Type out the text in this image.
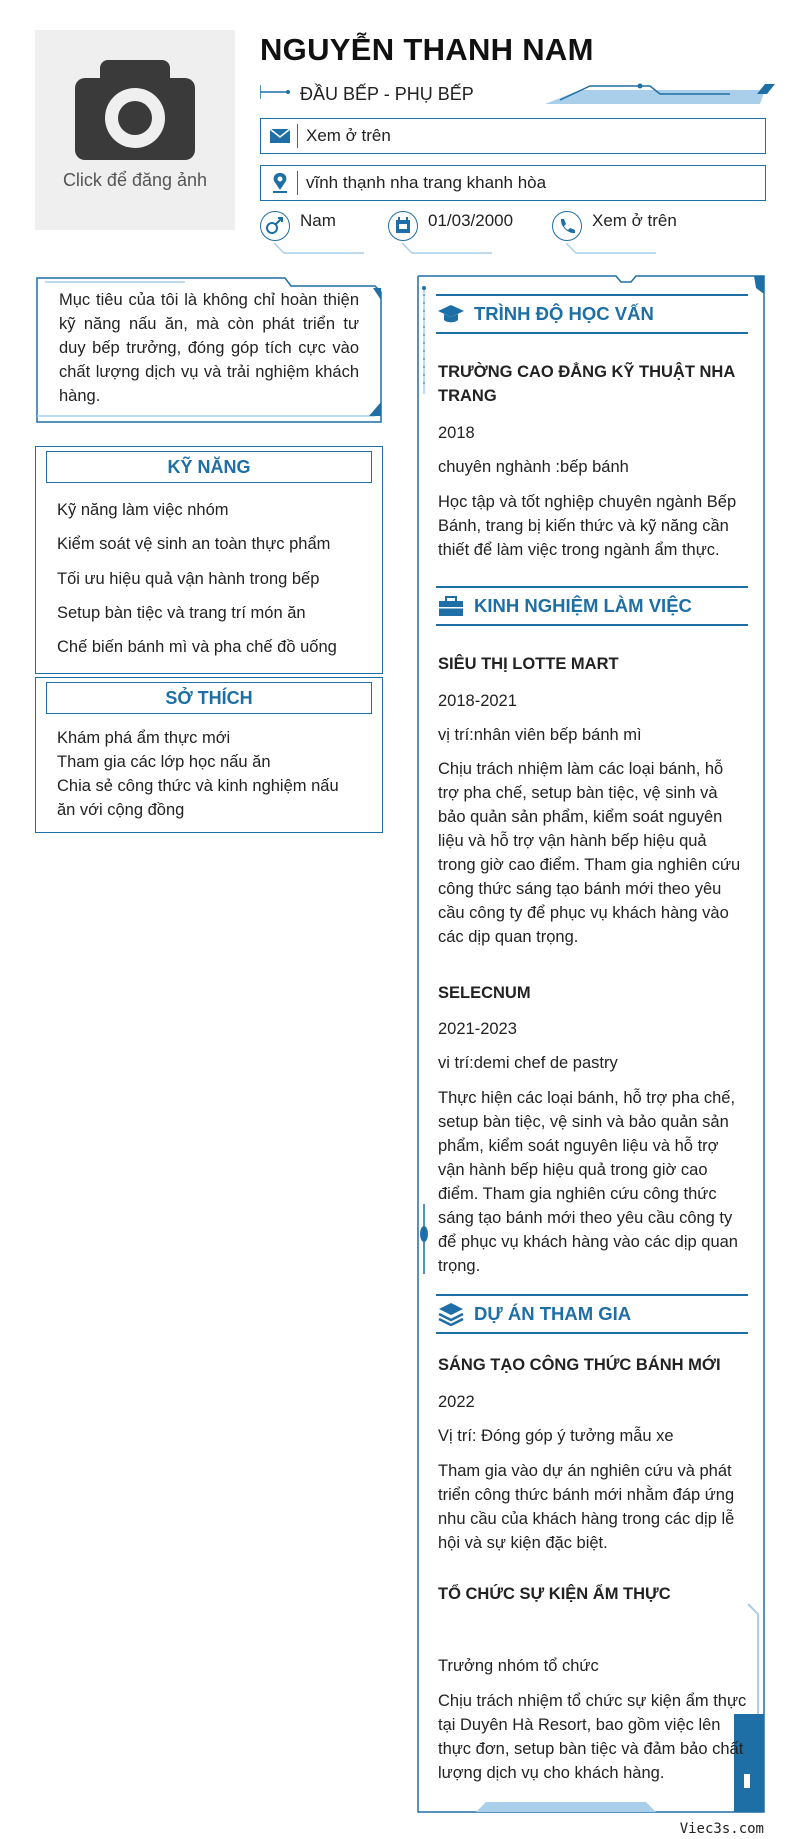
Click để đăng ảnh
NGUYỄN THANH NAM
ĐẦU BẾP - PHỤ BẾP
Xem ở trên
vĩnh thạnh nha trang khanh hòa
Nam	01/03/2000	Xem ở trên
Mục tiêu của tôi là không chỉ hoàn thiện kỹ năng nấu ăn, mà còn phát triển tư duy bếp trưởng, đóng góp tích cực vào chất lượng dịch vụ và trải nghiệm khách hàng.
KỸ NĂNG
Kỹ năng làm việc nhóm
Kiểm soát vệ sinh an toàn thực phẩm
Tối ưu hiệu quả vận hành trong bếp
Setup bàn tiệc và trang trí món ăn
Chế biến bánh mì và pha chế đồ uống
SỞ THÍCH
Khám phá ẩm thực mới
Tham gia các lớp học nấu ăn
Chia sẻ công thức và kinh nghiệm nấu
ăn với cộng đồng
TRÌNH ĐỘ HỌC VẤN
TRƯỜNG CAO ĐẲNG KỸ THUẬT NHA
TRANG
2018
chuyên nghành :bếp bánh
Học tập và tốt nghiệp chuyên ngành Bếp Bánh, trang bị kiến thức và kỹ năng cần thiết để làm việc trong ngành ẩm thực.
KINH NGHIỆM LÀM VIỆC
SIÊU THỊ LOTTE MART
2018-2021
vị trí:nhân viên bếp bánh mì
Chịu trách nhiệm làm các loại bánh, hỗ trợ pha chế, setup bàn tiệc, vệ sinh và bảo quản sản phẩm, kiểm soát nguyên liệu và hỗ trợ vận hành bếp hiệu quả trong giờ cao điểm. Tham gia nghiên cứu công thức sáng tạo bánh mới theo yêu cầu công ty để phục vụ khách hàng vào các dịp quan trọng.
SELECNUM
2021-2023
vi trí:demi chef de pastry
Thực hiện các loại bánh, hỗ trợ pha chế, setup bàn tiệc, vệ sinh và bảo quản sản phẩm, kiểm soát nguyên liệu và hỗ trợ vận hành bếp hiệu quả trong giờ cao điểm. Tham gia nghiên cứu công thức sáng tạo bánh mới theo yêu cầu công ty để phục vụ khách hàng vào các dịp quan trọng.
DỰ ÁN THAM GIA
SÁNG TẠO CÔNG THỨC BÁNH MỚI
2022
Vị trí: Đóng góp ý tưởng mẫu xe
Tham gia vào dự án nghiên cứu và phát triển công thức bánh mới nhằm đáp ứng nhu cầu của khách hàng trong các dịp lễ hội và sự kiện đặc biệt.
TỔ CHỨC SỰ KIỆN ẨM THỰC
Trưởng nhóm tổ chức
Chịu trách nhiệm tổ chức sự kiện ẩm thực tại Duyên Hà Resort, bao gồm việc lên thực đơn, setup bàn tiệc và đảm bảo chất lượng dịch vụ cho khách hàng.
Viec3s.com
